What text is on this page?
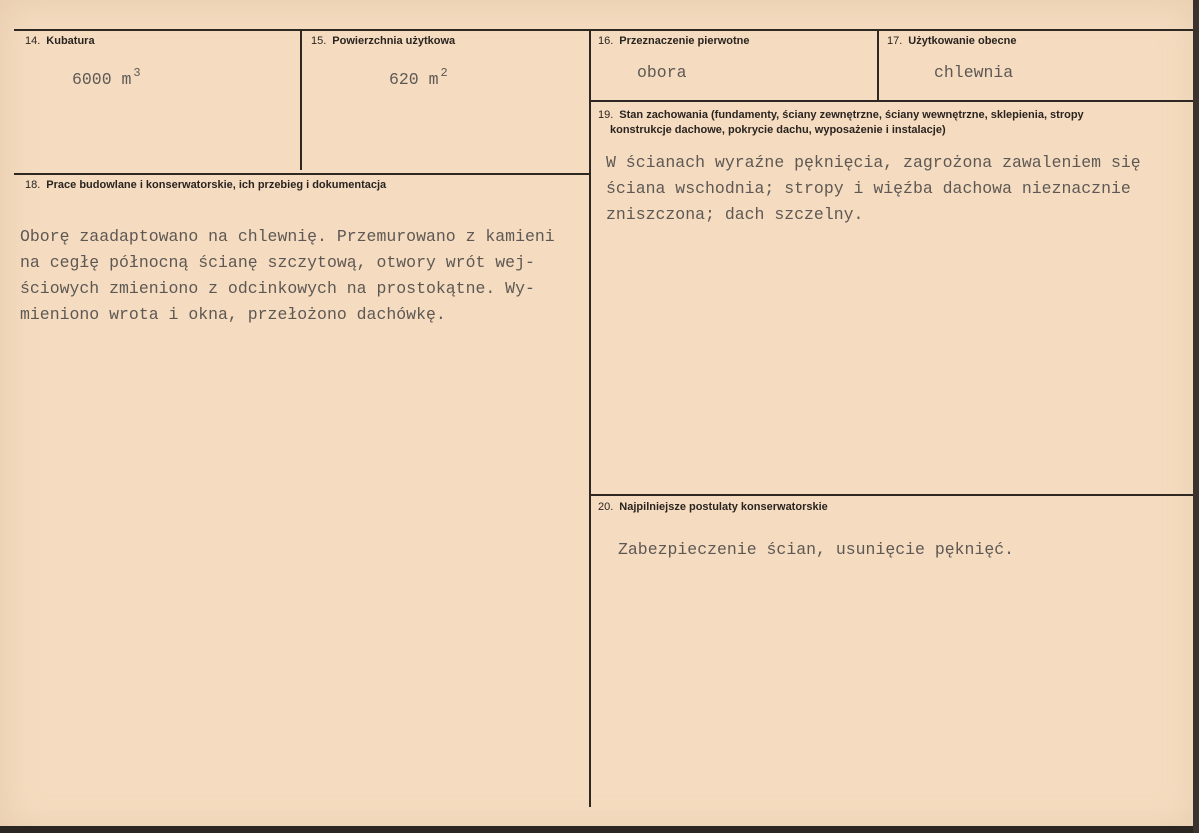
14. Kubatura
6000 m $^3$
15. Powierzchnia użytkowa
620 m $^2$
16. Przeznaczenie pierwotne
obora
17. Użytkowanie obecne
chlewnia
19. Stan zachowania (fundamenty, ściany zewnętrzne, ściany wewnętrzne, sklepienia, stropy
konstrukcje dachowe, pokrycie dachu, wyposażenie i instalacje)
W ścianach wyraźne pęknięcia, zagrożona zawaleniem się
ściana wschodnia; stropy i więźba dachowa nieznacznie
zniszczona; dach szczelny.
18. Prace budowlane i konserwatorskie, ich przebieg i dokumentacja
Oborę zaadaptowano na chlewnię. Przemurowano z kamieni
na cegłę północną ścianę szczytową, otwory wrót wej-
ściowych zmieniono z odcinkowych na prostokątne. Wy-
mieniono wrota i okna, przełożono dachówkę.
20. Najpilniejsze postulaty konserwatorskie
Zabezpieczenie ścian, usunięcie pęknięć.
